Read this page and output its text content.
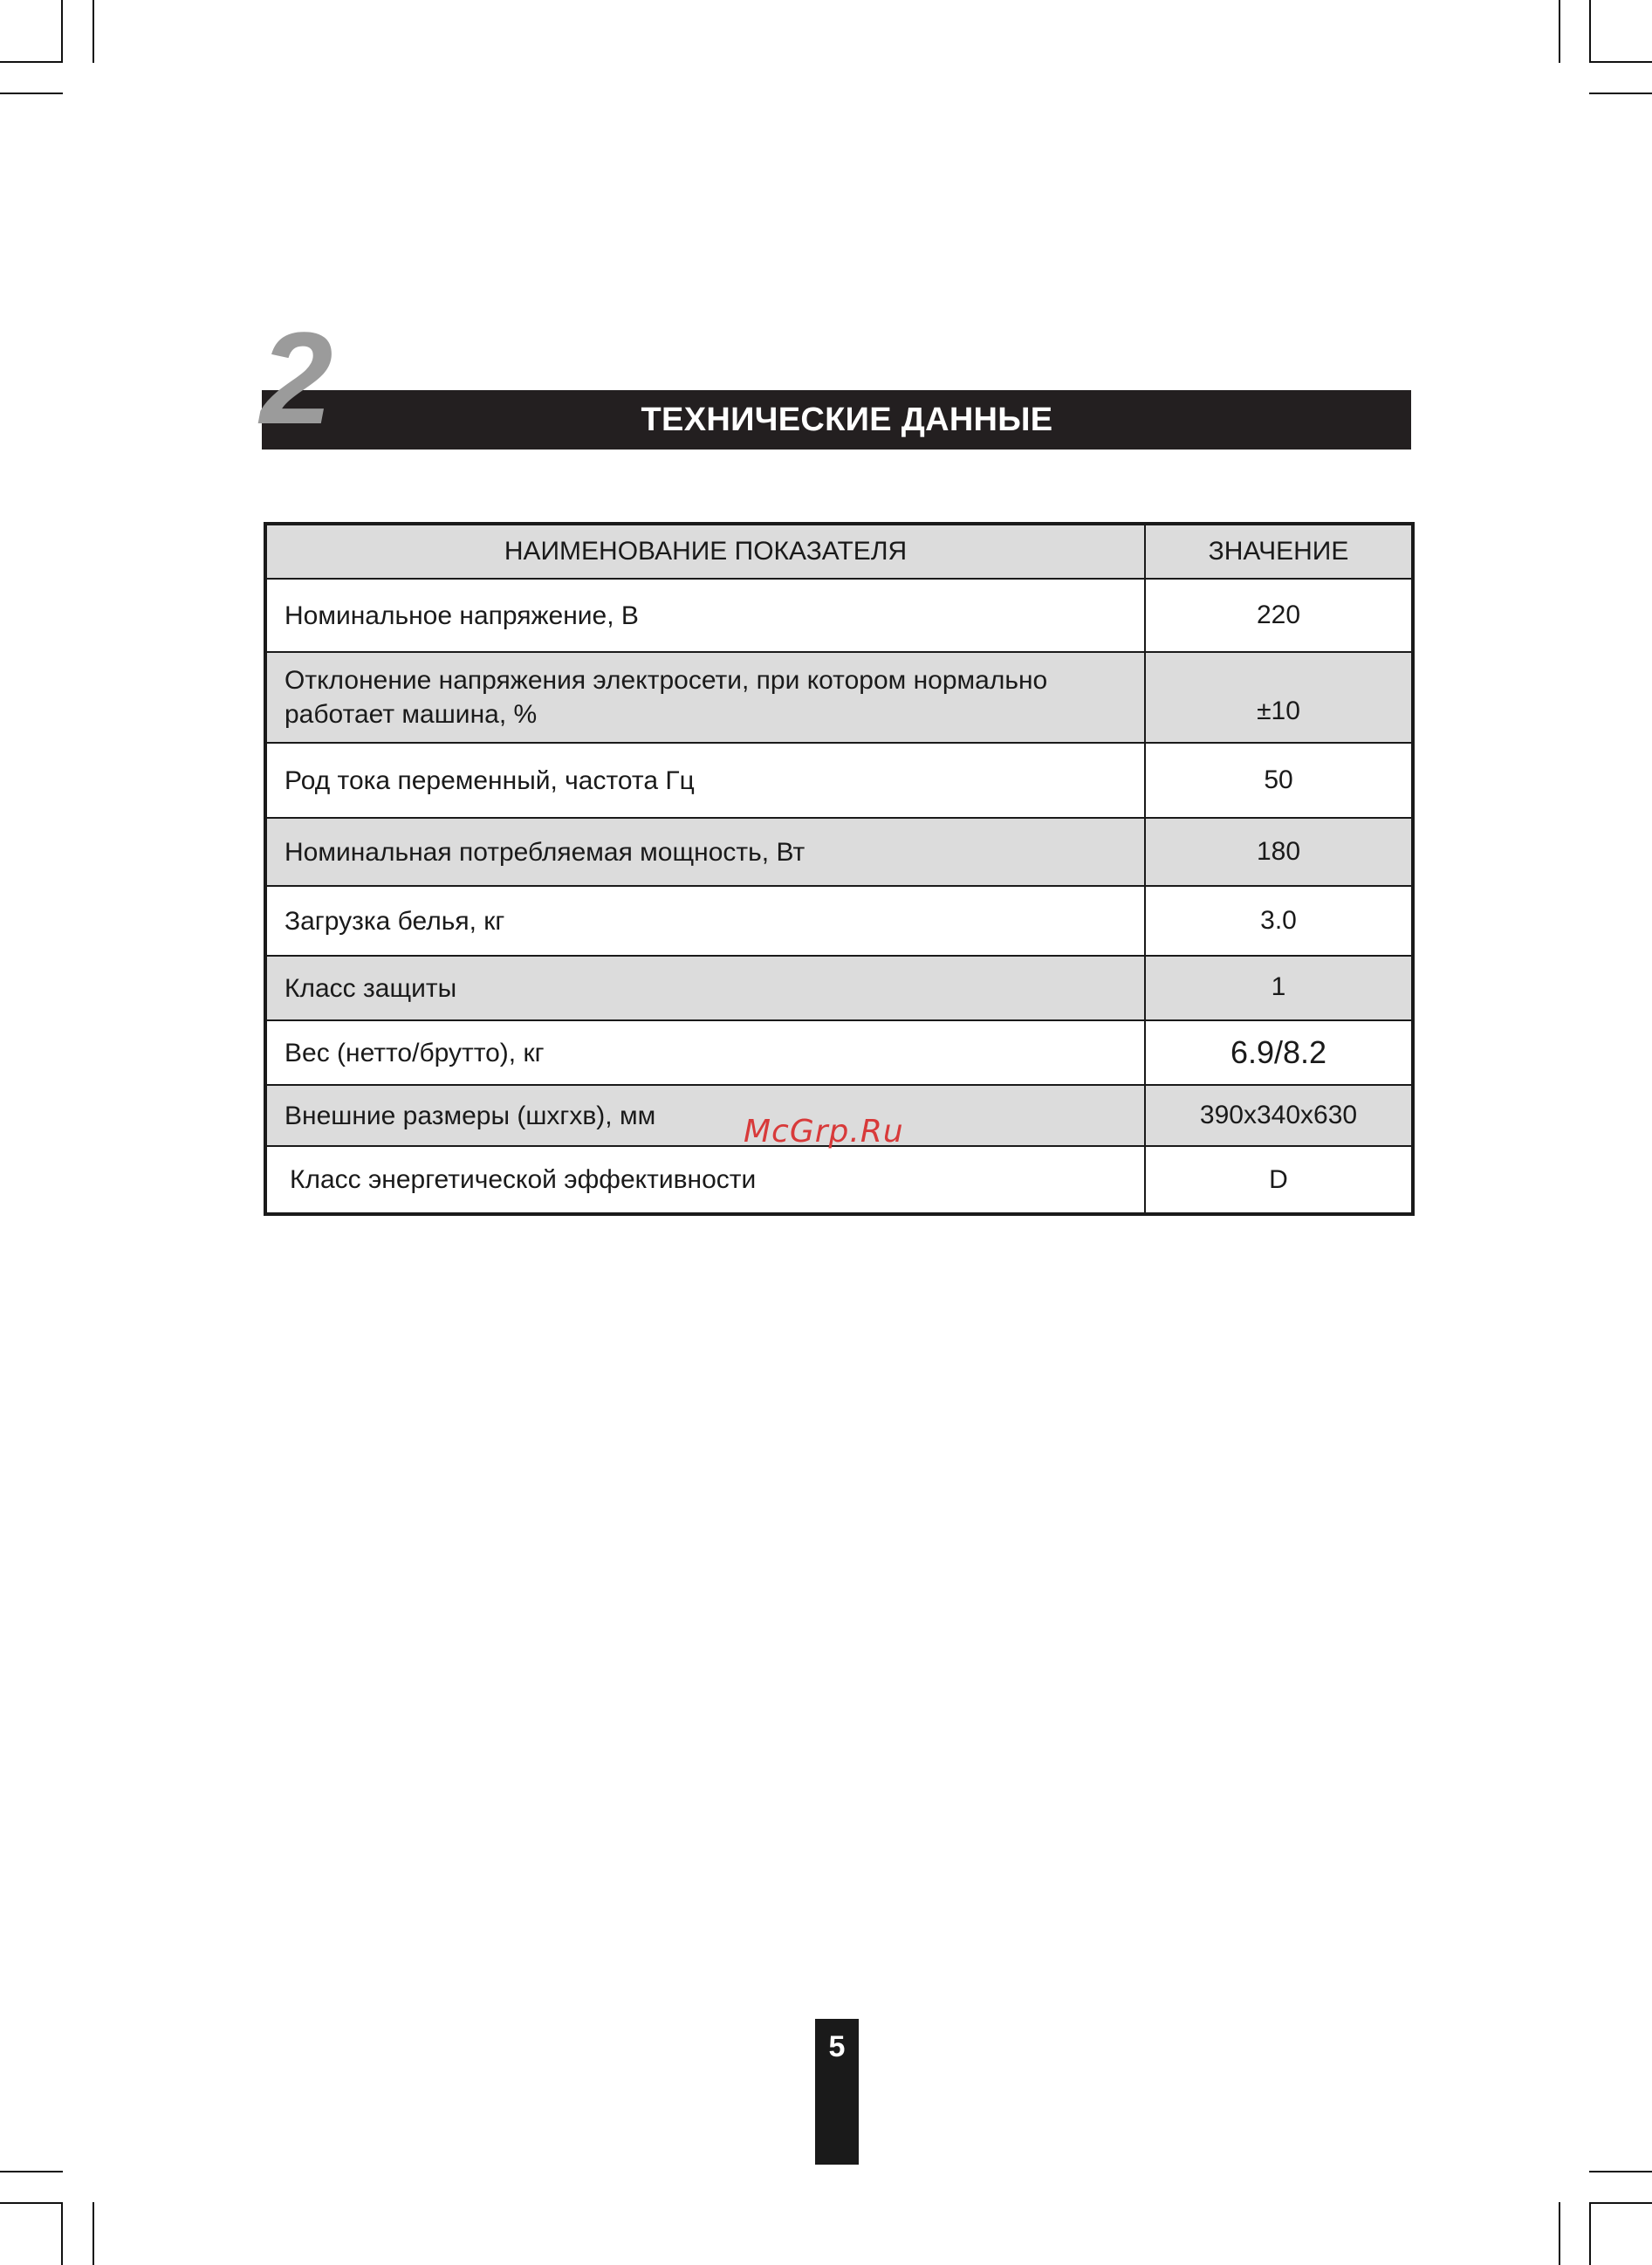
2	ТЕХНИЧЕСКИЕ ДАННЫЕ
НАИМЕНОВАНИЕ ПОКАЗАТЕЛЯ	ЗНАЧЕНИЕ
Номинальное напряжение, В	220
Отклонение напряжения электросети, при котором нормально работает машина, %	±10
Род тока переменный, частота Гц	50
Номинальная потребляемая мощность, Вт	180
Загрузка белья, кг	3.0
Класс защиты	1
Вес (нетто/брутто), кг	6.9/8.2
Внешние размеры (шхгхв), мм	390x340x630
Класс энергетической эффективности	D
McGrp.Ru
5
